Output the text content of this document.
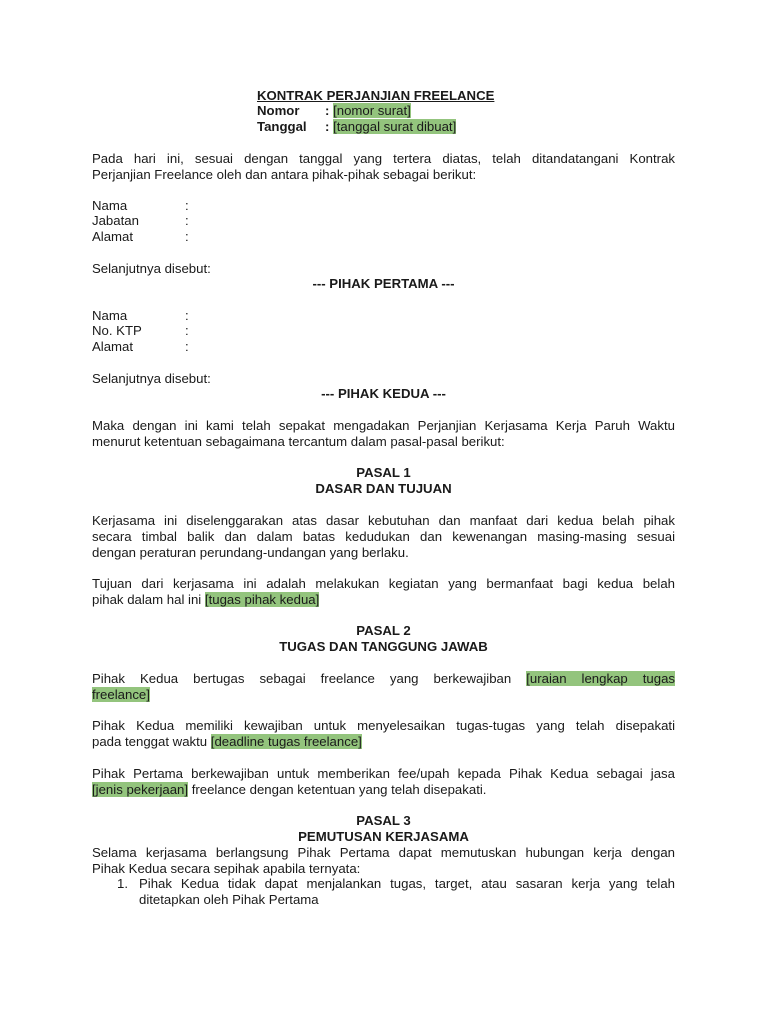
KONTRAK PERJANJIAN FREELANCE
Nomor : [nomor surat]
Tanggal : [tanggal surat dibuat]
Pada hari ini, sesuai dengan tanggal yang tertera diatas, telah ditandatangani Kontrak
Perjanjian Freelance oleh dan antara pihak-pihak sebagai berikut:
Nama	:
Jabatan	:
Alamat	:
Selanjutnya disebut:
--- PIHAK PERTAMA ---
Nama	:
No. KTP	:
Alamat	:
Selanjutnya disebut:
--- PIHAK KEDUA ---
Maka dengan ini kami telah sepakat mengadakan Perjanjian Kerjasama Kerja Paruh Waktu
menurut ketentuan sebagaimana tercantum dalam pasal-pasal berikut:
PASAL 1
DASAR DAN TUJUAN
Kerjasama ini diselenggarakan atas dasar kebutuhan dan manfaat dari kedua belah pihak
secara timbal balik dan dalam batas kedudukan dan kewenangan masing-masing sesuai
dengan peraturan perundang-undangan yang berlaku.
Tujuan dari kerjasama ini adalah melakukan kegiatan yang bermanfaat bagi kedua belah
pihak dalam hal ini [tugas pihak kedua]
PASAL 2
TUGAS DAN TANGGUNG JAWAB
Pihak Kedua bertugas sebagai freelance yang berkewajiban [uraian lengkap tugas
freelance]
Pihak Kedua memiliki kewajiban untuk menyelesaikan tugas-tugas yang telah disepakati
pada tenggat waktu [deadline tugas freelance]
Pihak Pertama berkewajiban untuk memberikan fee/upah kepada Pihak Kedua sebagai jasa
[jenis pekerjaan] freelance dengan ketentuan yang telah disepakati.
PASAL 3
PEMUTUSAN KERJASAMA
Selama kerjasama berlangsung Pihak Pertama dapat memutuskan hubungan kerja dengan
Pihak Kedua secara sepihak apabila ternyata:
1. Pihak Kedua tidak dapat menjalankan tugas, target, atau sasaran kerja yang telah
ditetapkan oleh Pihak Pertama
